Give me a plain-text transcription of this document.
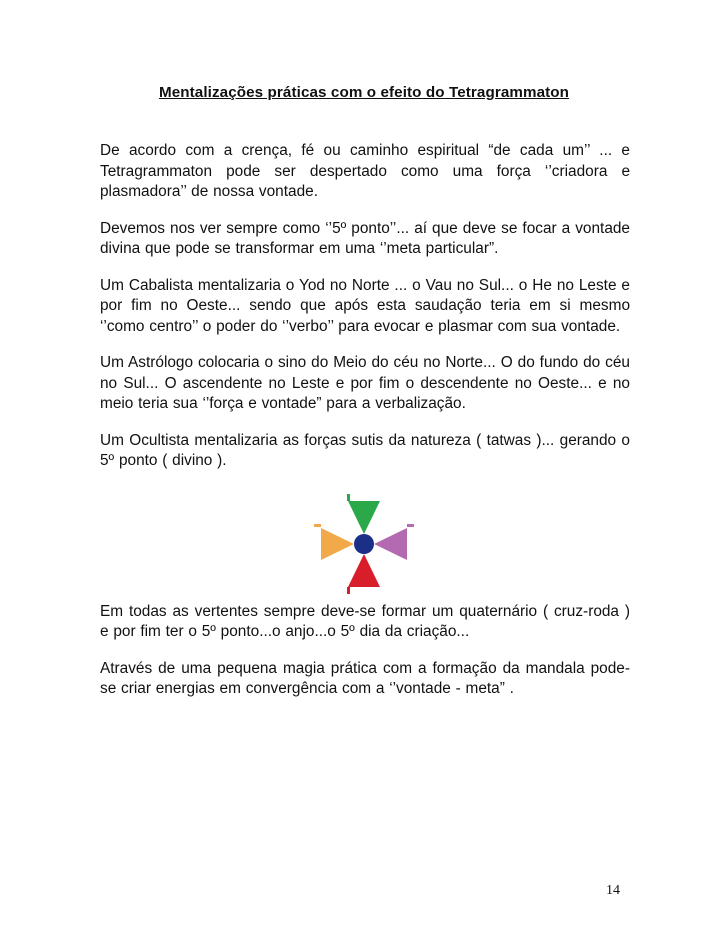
Mentalizações práticas com o efeito do Tetragrammaton

De acordo com a crença, fé ou caminho espiritual “de cada um’’ ... e Tetragrammaton pode ser despertado como uma força ‘’criadora e plasmadora’’ de nossa vontade.

Devemos nos ver sempre como ‘’5º ponto’’... aí que deve se focar a vontade divina que pode se transformar em uma ‘’meta particular”.

Um Cabalista mentalizaria o Yod no Norte ... o Vau no Sul... o He no Leste e por fim no Oeste... sendo que após esta saudação teria em si mesmo ‘’como centro’’ o poder do ‘’verbo’’ para evocar e plasmar com sua vontade.

Um Astrólogo colocaria o sino do Meio do céu no Norte... O do fundo do céu no Sul... O ascendente no Leste e por fim o descendente no Oeste... e no meio teria sua ‘’força e vontade” para a verbalização.

Um Ocultista mentalizaria as forças sutis da natureza ( tatwas )... gerando o 5º ponto ( divino ).

Em todas as vertentes sempre deve-se formar um quaternário ( cruz-roda ) e por fim ter o 5º ponto...o anjo...o 5º dia da criação...

Através de uma pequena magia prática com a formação da mandala pode-se criar energias em convergência com a ‘’vontade - meta” .

14
